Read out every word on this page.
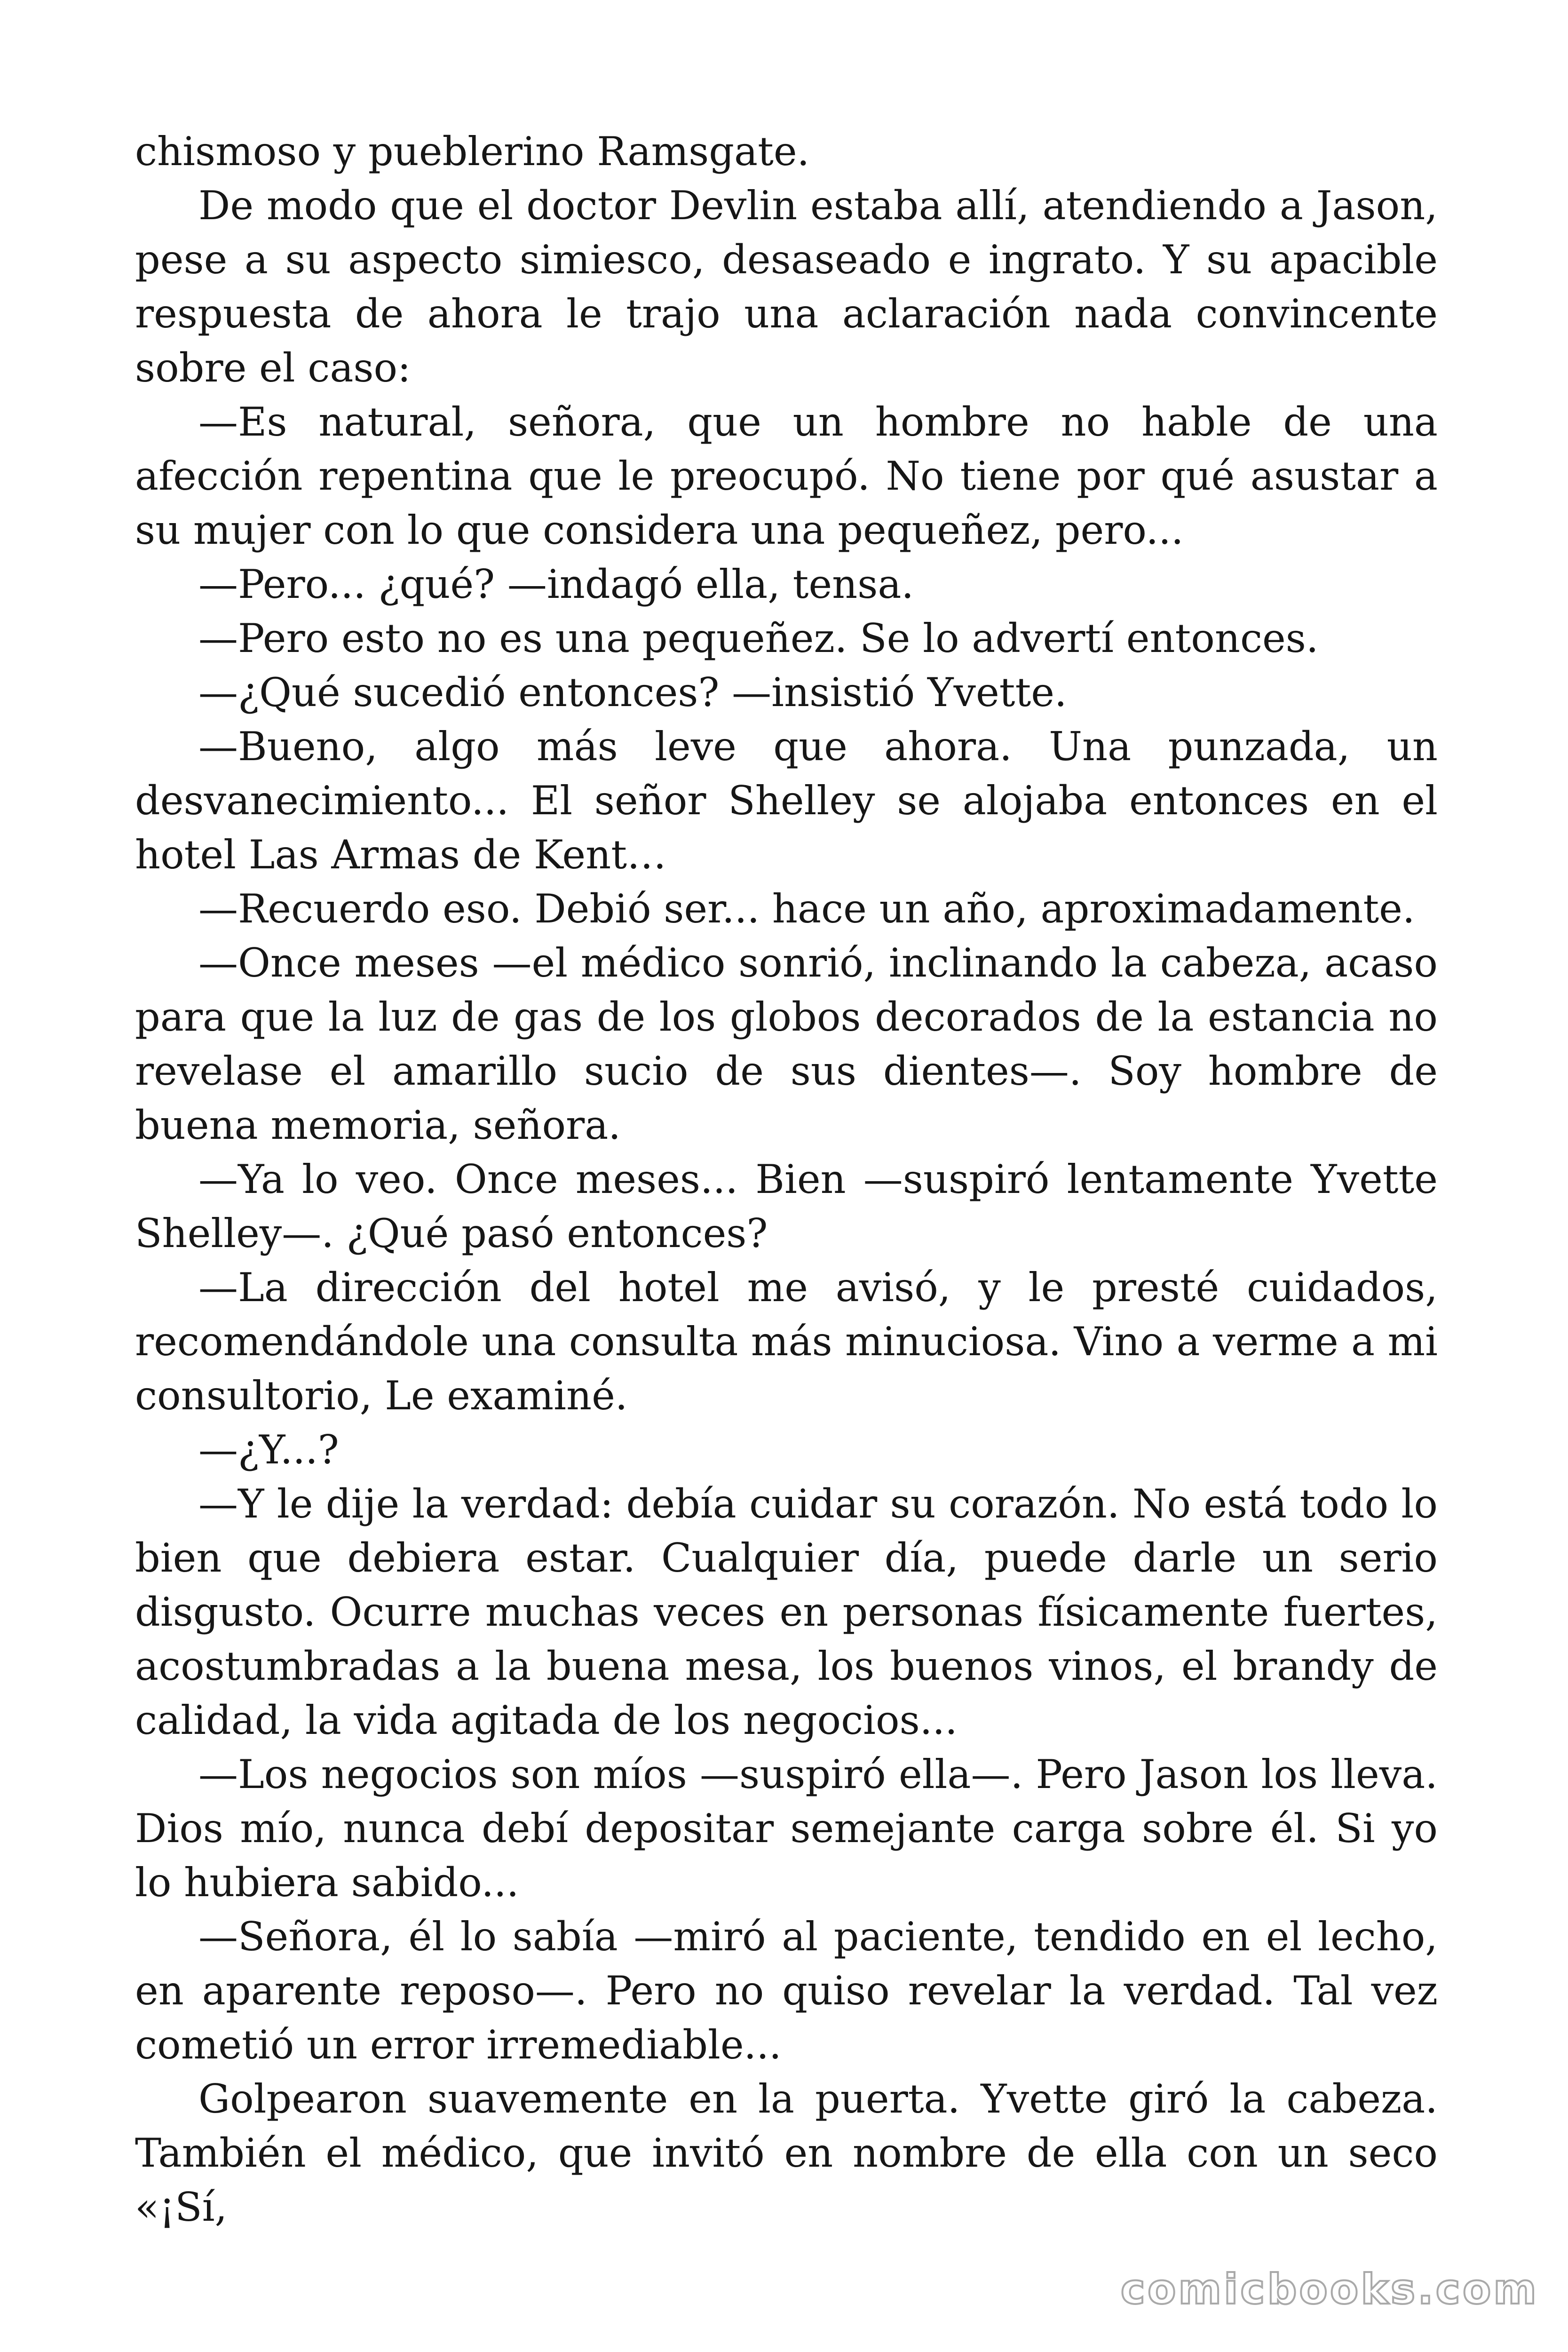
chismoso y pueblerino Ramsgate.

De modo que el doctor Devlin estaba allí, atendiendo a Jason, pese a su aspecto simiesco, desaseado e ingrato. Y su apacible respuesta de ahora le trajo una aclaración nada convincente sobre el caso:

—Es natural, señora, que un hombre no hable de una afección repentina que le preocupó. No tiene por qué asustar a su mujer con lo que considera una pequeñez, pero...

—Pero... ¿qué? —indagó ella, tensa.

—Pero esto no es una pequeñez. Se lo advertí entonces.

—¿Qué sucedió entonces? —insistió Yvette.

—Bueno, algo más leve que ahora. Una punzada, un desvanecimiento... El señor Shelley se alojaba entonces en el hotel Las Armas de Kent…

—Recuerdo eso. Debió ser... hace un año, aproximadamente.

—Once meses —el médico sonrió, inclinando la cabeza, acaso para que la luz de gas de los globos decorados de la estancia no revelase el amarillo sucio de sus dientes—. Soy hombre de buena memoria, señora.

—Ya lo veo. Once meses... Bien —suspiró lentamente Yvette Shelley—. ¿Qué pasó entonces?

—La dirección del hotel me avisó, y le presté cuidados, recomendándole una consulta más minuciosa. Vino a verme a mi consultorio, Le examiné.

—¿Y...?

—Y le dije la verdad: debía cuidar su corazón. No está todo lo bien que debiera estar. Cualquier día, puede darle un serio disgusto. Ocurre muchas veces en personas físicamente fuertes, acostumbradas a la buena mesa, los buenos vinos, el brandy de calidad, la vida agitada de los negocios...

—Los negocios son míos —suspiró ella—. Pero Jason los lleva. Dios mío, nunca debí depositar semejante carga sobre él. Si yo lo hubiera sabido...

—Señora, él lo sabía —miró al paciente, tendido en el lecho, en aparente reposo—. Pero no quiso revelar la verdad. Tal vez cometió un error irremediable...

Golpearon suavemente en la puerta. Yvette giró la cabeza. También el médico, que invitó en nombre de ella con un seco «¡Sí,

comicbooks.com
